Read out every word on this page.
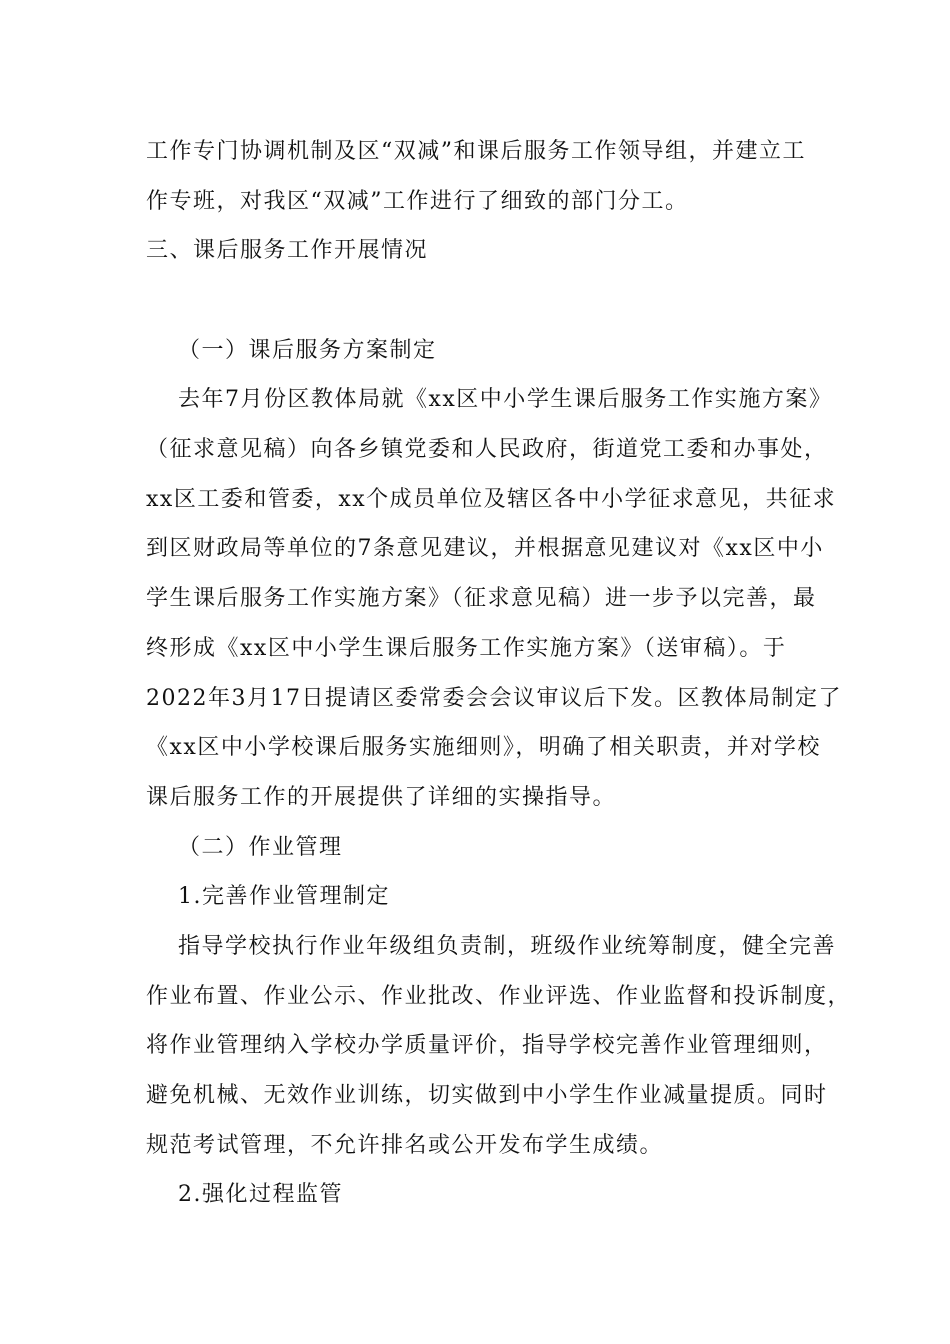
工作专门协调机制及区“双减”和课后服务工作领导组，并建立工
作专班，对我区“双减”工作进行了细致的部门分工。
三、课后服务工作开展情况
（一）课后服务方案制定
去年7月份区教体局就《xx区中小学生课后服务工作实施方案》
（征求意见稿）向各乡镇党委和人民政府，街道党工委和办事处，
xx区工委和管委，xx个成员单位及辖区各中小学征求意见，共征求
到区财政局等单位的7条意见建议，并根据意见建议对《xx区中小
学生课后服务工作实施方案》（征求意见稿）进一步予以完善，最
终形成《xx区中小学生课后服务工作实施方案》（送审稿）。于
2022年3月17日提请区委常委会会议审议后下发。区教体局制定了
《xx区中小学校课后服务实施细则》，明确了相关职责，并对学校
课后服务工作的开展提供了详细的实操指导。
（二）作业管理
1.完善作业管理制定
指导学校执行作业年级组负责制，班级作业统筹制度，健全完善
作业布置、作业公示、作业批改、作业评选、作业监督和投诉制度，
将作业管理纳入学校办学质量评价，指导学校完善作业管理细则，
避免机械、无效作业训练，切实做到中小学生作业减量提质。同时
规范考试管理，不允许排名或公开发布学生成绩。
2.强化过程监管
